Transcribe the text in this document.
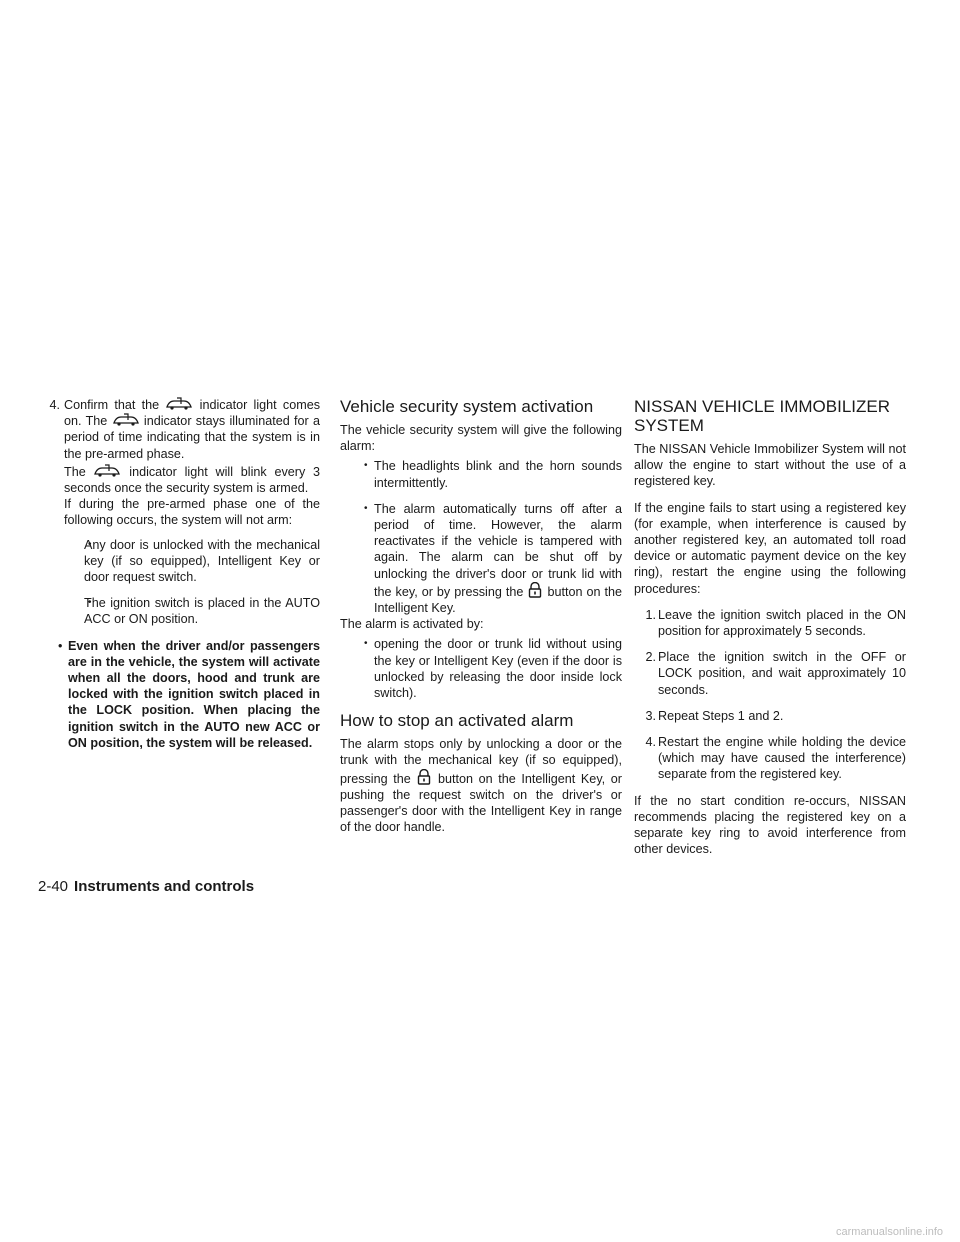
4. Confirm that the	indicator light comes on. The	indicator stays illuminated for a period of time indicating that the system is in the pre-armed phase.
The	indicator light will blink every 3 seconds once the security system is armed.
If during the pre-armed phase one of the following occurs, the system will not arm:
• Any door is unlocked with the mechanical key (if so equipped), Intelligent Key or door request switch.
• The ignition switch is placed in the AUTO ACC or ON position.
• Even when the driver and/or passengers are in the vehicle, the system will activate when all the doors, hood and trunk are locked with the ignition switch placed in the LOCK position. When placing the ignition switch in the AUTO new ACC or ON position, the system will be released.
Vehicle security system activation

The vehicle security system will give the following alarm:

• The headlights blink and the horn sounds intermittently.
• The alarm automatically turns off after a period of time. However, the alarm reactivates if the vehicle is tampered with again. The alarm can be shut off by unlocking the driver's door or trunk lid with the key, or by pressing the button on the Intelligent Key.

The alarm is activated by:

• opening the door or trunk lid without using the key or Intelligent Key (even if the door is unlocked by releasing the door inside lock switch).
How to stop an activated alarm

The alarm stops only by unlocking a door or the trunk with the mechanical key (if so equipped), pressing the button on the Intelligent Key, or pushing the request switch on the driver's or passenger's door with the Intelligent Key in range of the door handle.

NISSAN VEHICLE IMMOBILIZER SYSTEM

The NISSAN Vehicle Immobilizer System will not allow the engine to start without the use of a registered key.

If the engine fails to start using a registered key (for example, when interference is caused by another registered key, an automated toll road device or automatic payment device on the key ring), restart the engine using the following procedures:

1. Leave the ignition switch placed in the ON position for approximately 5 seconds.
2. Place the ignition switch in the OFF or LOCK position, and wait approximately 10 seconds.
3. Repeat Steps 1 and 2.
4. Restart the engine while holding the device (which may have caused the interference) separate from the registered key.

If the no start condition re-occurs, NISSAN recommends placing the registered key on a separate key ring to avoid interference from other devices.

2-40 Instruments and controls
carmanualsonline.info
